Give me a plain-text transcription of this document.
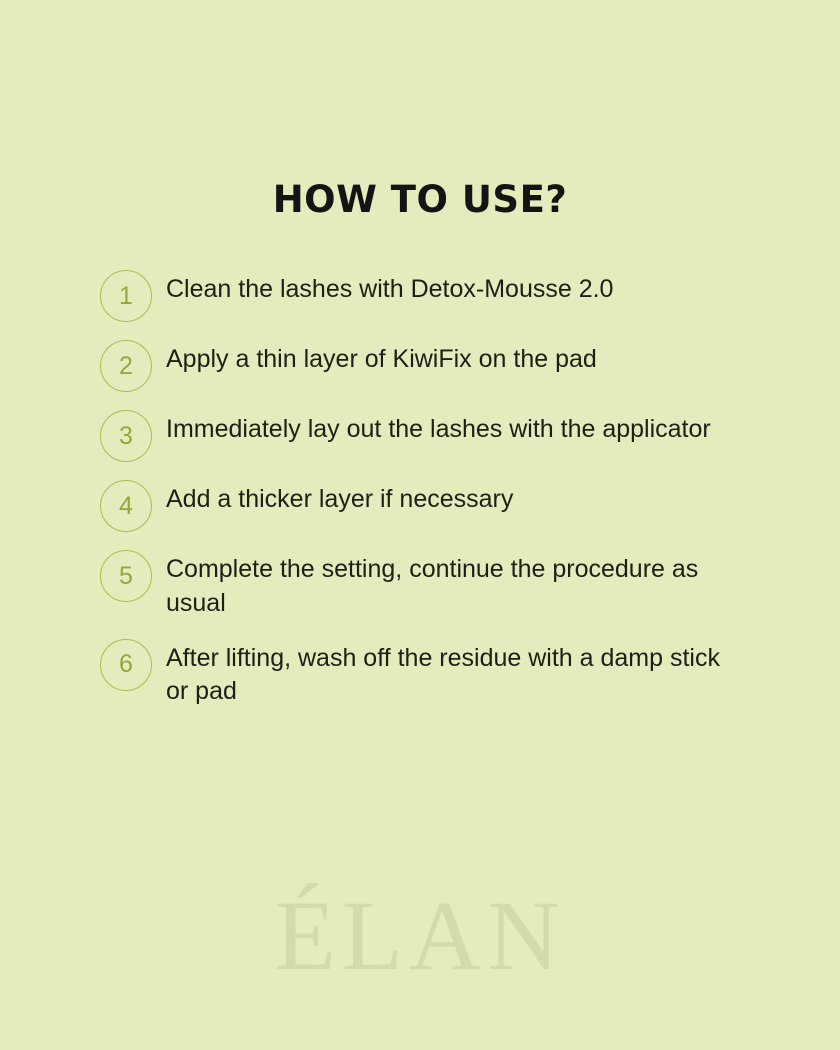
HOW TO USE?
1	Clean the lashes with Detox-Mousse 2.0
2	Apply a thin layer of KiwiFix on the pad
3	Immediately lay out the lashes with the applicator
4	Add a thicker layer if necessary
5	Complete the setting, continue the procedure as usual
6	After lifting, wash off the residue with a damp stick or pad
ÉLAN
